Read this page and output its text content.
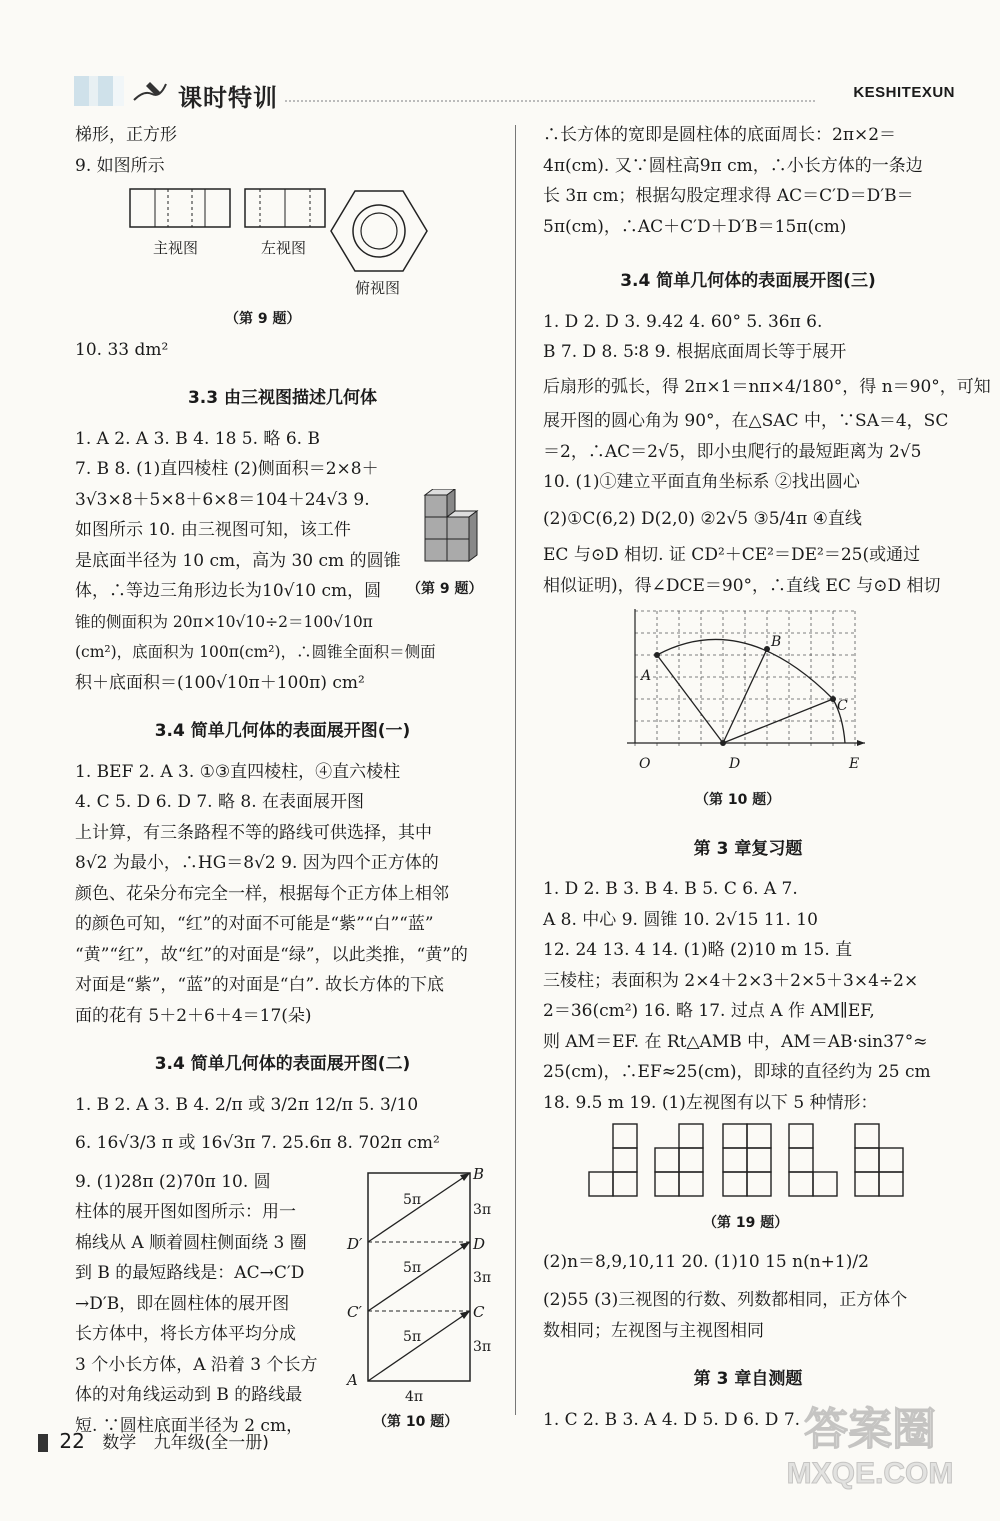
课时特训	KESHITEXUN
梯形，正方形
9. 如图所示
主视图	左视图
俯视图
（第 9 题）
10. 33 dm²
3.3 由三视图描述几何体
1. A 2. A 3. B 4. 18 5. 略 6. B
7. B 8. (1)直四棱柱 (2)侧面积＝2×8＋
3√3×8＋5×8＋6×8＝104＋24√3 9.
如图所示 10. 由三视图可知，该工件
是底面半径为 10 cm，高为 30 cm 的圆锥
体，∴等边三角形边长为10√10 cm，圆
锥的侧面积为 20π×10√10÷2＝100√10π
(cm²)，底面积为 100π(cm²)，∴圆锥全面积＝侧面
积＋底面积＝(100√10π＋100π) cm²
（第 9 题）
3.4 简单几何体的表面展开图(一)
1. BEF 2. A 3. ①③直四棱柱，④直六棱柱
4. C 5. D 6. D 7. 略 8. 在表面展开图
上计算，有三条路程不等的路线可供选择，其中
8√2 为最小，∴HG＝8√2 9. 因为四个正方体的
颜色、花朵分布完全一样，根据每个正方体上相邻
的颜色可知，“红”的对面不可能是“紫”“白”“蓝”
“黄”“红”，故“红”的对面是“绿”，以此类推，“黄”的
对面是“紫”，“蓝”的对面是“白”. 故长方体的下底
面的花有 5＋2＋6＋4＝17(朵)
3.4 简单几何体的表面展开图(二)
1. B 2. A 3. B 4. 2/π 或 3/2π 12/π 5. 3/10
6. 16√3/3 π 或 16√3π 7. 25.6π 8. 702π cm²
9. (1)28π (2)70π 10. 圆
柱体的展开图如图所示：用一
棉线从 A 顺着圆柱侧面绕 3 圈
到 B 的最短路线是：AC→C′D
→D′B，即在圆柱体的展开图
长方体中，将长方体平均分成
3 个小长方体，A 沿着 3 个长方
体的对角线运动到 B 的路线最
短. ∵圆柱底面半径为 2 cm，
B
D′	D
C′	C
A
5π
5π
5π
3π
3π
3π
4π
（第 10 题）
∴长方体的宽即是圆柱体的底面周长：2π×2＝
4π(cm). 又∵圆柱高9π cm，∴小长方体的一条边
长 3π cm；根据勾股定理求得 AC＝C′D＝D′B＝
5π(cm)，∴AC＋C′D＋D′B＝15π(cm)
3.4 简单几何体的表面展开图(三)
1. D 2. D 3. 9.42 4. 60° 5. 36π 6.
B 7. D 8. 5∶8 9. 根据底面周长等于展开
后扇形的弧长，得 2π×1＝nπ×4/180°，得 n＝90°，可知
展开图的圆心角为 90°，在△SAC 中，∵SA＝4，SC
＝2，∴AC＝2√5，即小虫爬行的最短距离为 2√5
10. (1)①建立平面直角坐标系 ②找出圆心
(2)①C(6,2) D(2,0) ②2√5 ③5/4π ④直线
EC 与⊙D 相切. 证 CD²＋CE²＝DE²＝25(或通过
相似证明)，得∠DCE＝90°，∴直线 EC 与⊙D 相切
A
B
C
O	D	E
（第 10 题）
第 3 章复习题
1. D 2. B 3. B 4. B 5. C 6. A 7.
A 8. 中心 9. 圆锥 10. 2√15 11. 10
12. 24 13. 4 14. (1)略 (2)10 m 15. 直
三棱柱；表面积为 2×4＋2×3＋2×5＋3×4÷2×
2＝36(cm²) 16. 略 17. 过点 A 作 AM∥EF,
则 AM＝EF. 在 Rt△AMB 中，AM＝AB·sin37°≈
25(cm)，∴EF≈25(cm)，即球的直径约为 25 cm
18. 9.5 m 19. (1)左视图有以下 5 种情形：
（第 19 题）
(2)n＝8,9,10,11 20. (1)10 15 n(n+1)/2
(2)55 (3)三视图的行数、列数都相同，正方体个
数相同；左视图与主视图相同
第 3 章自测题
1. C 2. B 3. A 4. D 5. D 6. D 7.
22 数学 九年级(全一册)	答案圈
MXQE.COM
